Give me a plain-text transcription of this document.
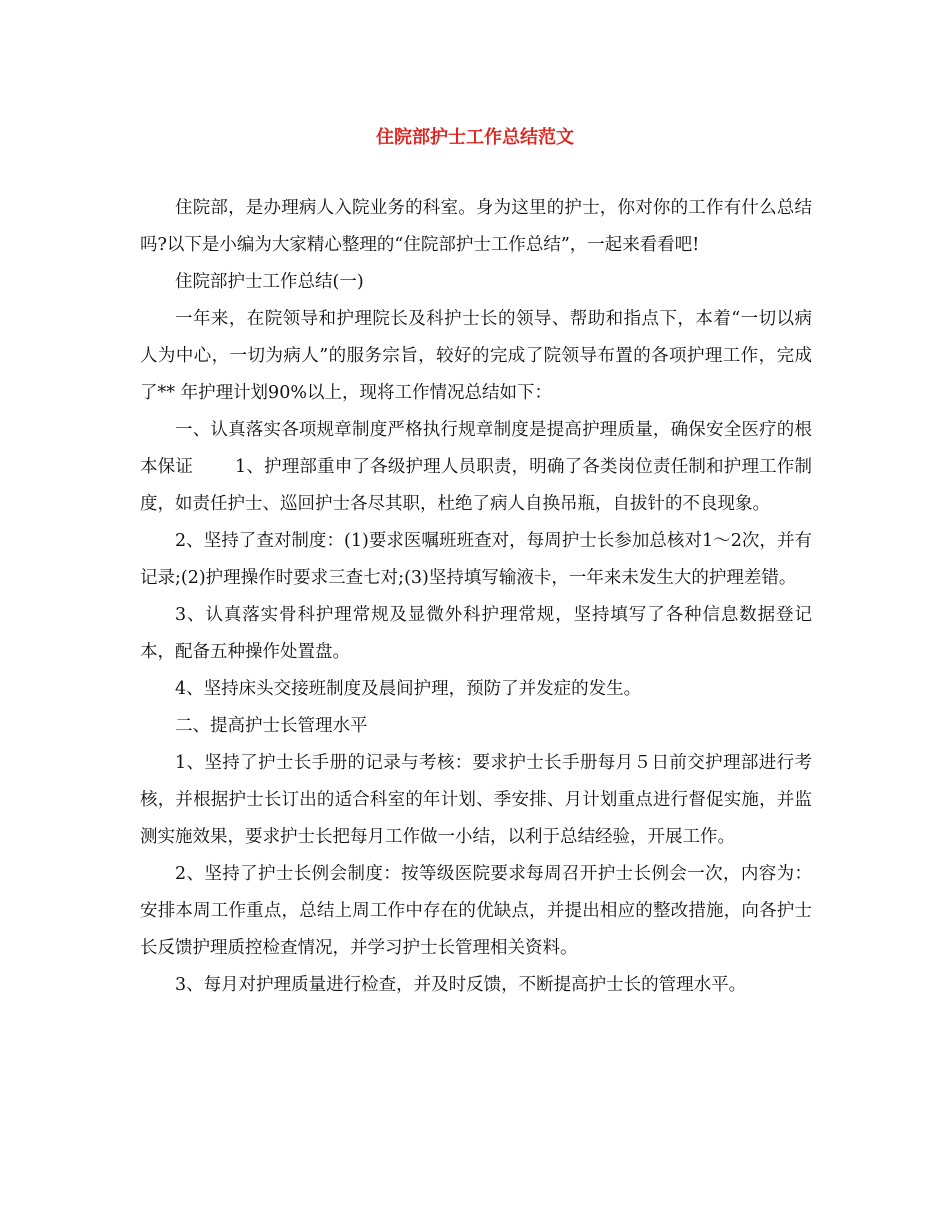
住院部护士工作总结范文

住院部，是办理病人入院业务的科室。身为这里的护士，你对你的工作有什么总结吗?以下是小编为大家精心整理的“住院部护士工作总结”，一起来看看吧!

住院部护士工作总结(一)

一年来，在院领导和护理院长及科护士长的领导、帮助和指点下，本着“一切以病人为中心，一切为病人”的服务宗旨，较好的完成了院领导布置的各项护理工作，完成了** 年护理计划90%以上，现将工作情况总结如下：

一、认真落实各项规章制度严格执行规章制度是提高护理质量，确保安全医疗的根本保证 1、护理部重申了各级护理人员职责，明确了各类岗位责任制和护理工作制度，如责任护士、巡回护士各尽其职，杜绝了病人自换吊瓶，自拔针的不良现象。

2、坚持了查对制度：(1)要求医嘱班班查对，每周护士长参加总核对1～2次，并有记录;(2)护理操作时要求三查七对;(3)坚持填写输液卡，一年来未发生大的护理差错。

3、认真落实骨科护理常规及显微外科护理常规，坚持填写了各种信息数据登记本，配备五种操作处置盘。

4、坚持床头交接班制度及晨间护理，预防了并发症的发生。

二、提高护士长管理水平

1、坚持了护士长手册的记录与考核：要求护士长手册每月５日前交护理部进行考核，并根据护士长订出的适合科室的年计划、季安排、月计划重点进行督促实施，并监测实施效果，要求护士长把每月工作做一小结，以利于总结经验，开展工作。

2、坚持了护士长例会制度：按等级医院要求每周召开护士长例会一次，内容为：安排本周工作重点，总结上周工作中存在的优缺点，并提出相应的整改措施，向各护士长反馈护理质控检查情况，并学习护士长管理相关资料。

3、每月对护理质量进行检查，并及时反馈，不断提高护士长的管理水平。
